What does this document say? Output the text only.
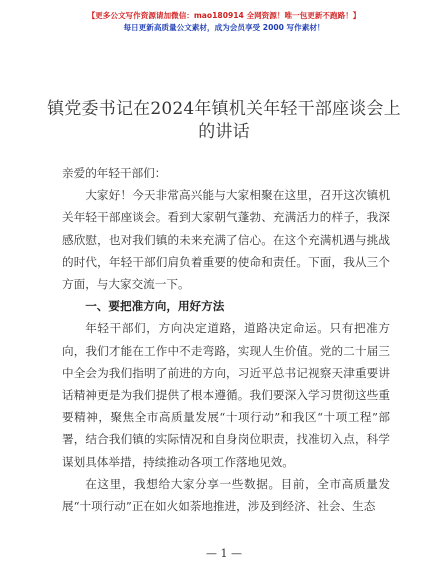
【更多公文写作资源请加微信：mao180914 全网资源！唯一包更新不跑路！】
每日更新高质量公文素材，成为会员享受 2000 写作素材！
镇党委书记在2024年镇机关年轻干部座谈会上的讲话

亲爱的年轻干部们：

大家好！今天非常高兴能与大家相聚在这里，召开这次镇机关年轻干部座谈会。看到大家朝气蓬勃、充满活力的样子，我深感欣慰，也对我们镇的未来充满了信心。在这个充满机遇与挑战的时代，年轻干部们肩负着重要的使命和责任。下面，我从三个方面，与大家交流一下。

一、要把准方向，用好方法

年轻干部们，方向决定道路，道路决定命运。只有把准方向，我们才能在工作中不走弯路，实现人生价值。党的二十届三中全会为我们指明了前进的方向，习近平总书记视察天津重要讲话精神更是为我们提供了根本遵循。我们要深入学习贯彻这些重要精神，聚焦全市高质量发展“十项行动”和我区“十项工程”部署，结合我们镇的实际情况和自身岗位职责，找准切入点，科学谋划具体举措，持续推动各项工作落地见效。

在这里，我想给大家分享一些数据。目前，全市高质量发展“十项行动”正在如火如荼地推进，涉及到经济、社会、生态

— 1 —
